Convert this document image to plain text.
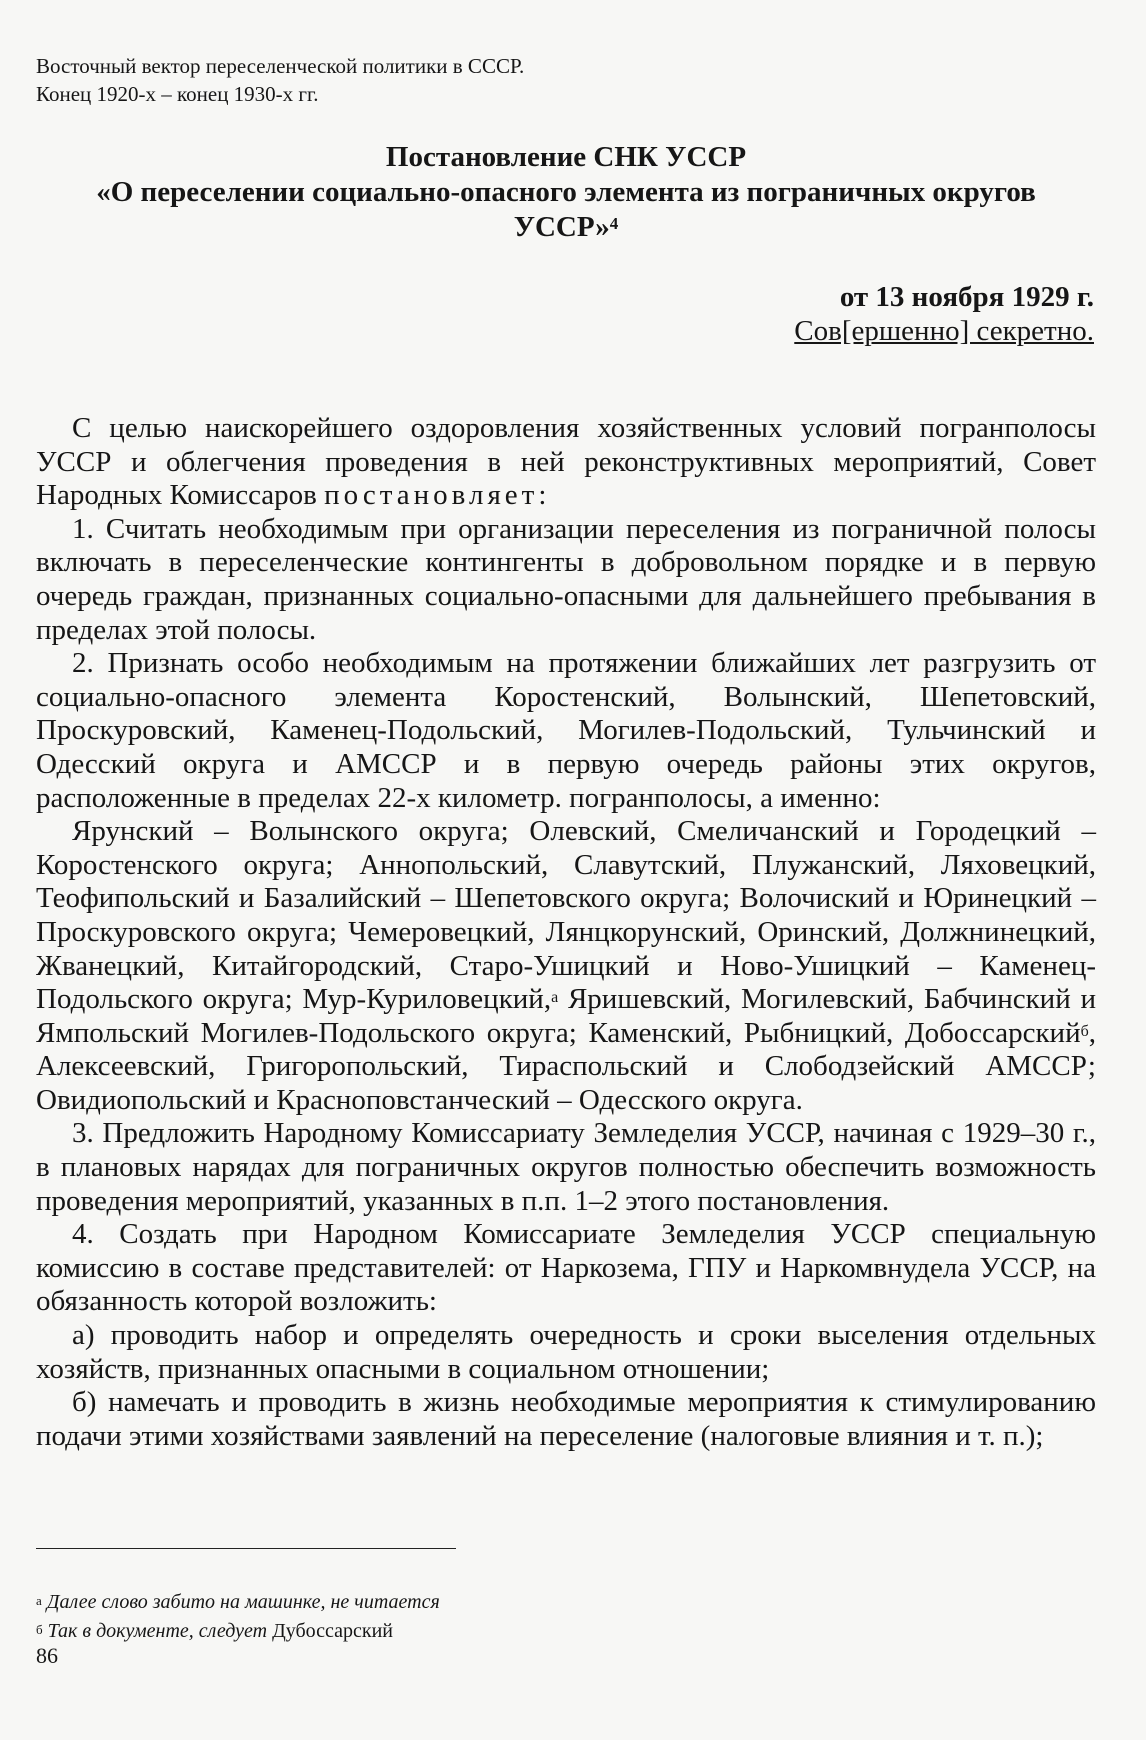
Восточный вектор переселенческой политики в СССР.
Конец 1920-х – конец 1930-х гг.
Постановление СНК УССР
«О переселении социально-опасного элемента из пограничных округов
УССР»$^4$
от 13 ноября 1929 г.
Сов[ершенно] секретно.

С целью наискорейшего оздоровления хозяйственных условий погранполосы УССР и облегчения проведения в ней реконструктивных мероприятий, Совет Народных Комиссаров постановляет:

1. Считать необходимым при организации переселения из пограничной полосы включать в переселенческие контингенты в добровольном порядке и в первую очередь граждан, признанных социально-опасными для дальнейшего пребывания в пределах этой полосы.

2. Признать особо необходимым на протяжении ближайших лет разгрузить от социально-опасного элемента Коростенский, Волынский, Шепетовский, Проскуровский, Каменец-Подольский, Могилев-Подольский, Тульчинский и Одесский округа и АМССР и в первую очередь районы этих округов, расположенные в пределах 22-х километр. погранполосы, а именно:

Ярунский – Волынского округа; Олевский, Смеличанский и Городецкий – Коростенского округа; Аннопольский, Славутский, Плужанский, Ляховецкий, Теофипольский и Базалийский – Шепетовского округа; Волочиский и Юринецкий – Проскуровского округа; Чемеровецкий, Лянцкорунский, Оринский, Должнинецкий, Жванецкий, Китайгородский, Старо-Ушицкий и Ново-Ушицкий – Каменец-Подольского округа; Мур-Куриловецкий,$^а$ Яришевский, Могилевский, Бабчинский и Ямпольский Могилев-Подольского округа; Каменский, Рыбницкий, Добоссарский$^б$, Алексеевский, Григоропольский, Тираспольский и Слободзейский АМССР; Овидиопольский и Красноповстанческий – Одесского округа.

3. Предложить Народному Комиссариату Земледелия УССР, начиная с 1929–30 г., в плановых нарядах для пограничных округов полностью обеспечить возможность проведения мероприятий, указанных в п.п. 1–2 этого постановления.

4. Создать при Народном Комиссариате Земледелия УССР специальную комиссию в составе представителей: от Наркозема, ГПУ и Наркомвнудела УССР, на обязанность которой возложить:

а) проводить набор и определять очередность и сроки выселения отдельных хозяйств, признанных опасными в социальном отношении;

б) намечать и проводить в жизнь необходимые мероприятия к стимулированию подачи этими хозяйствами заявлений на переселение (налоговые влияния и т. п.);

$^а$ Далее слово забито на машинке, не читается
$^б$ Так в документе, следует Дубоссарский
86
